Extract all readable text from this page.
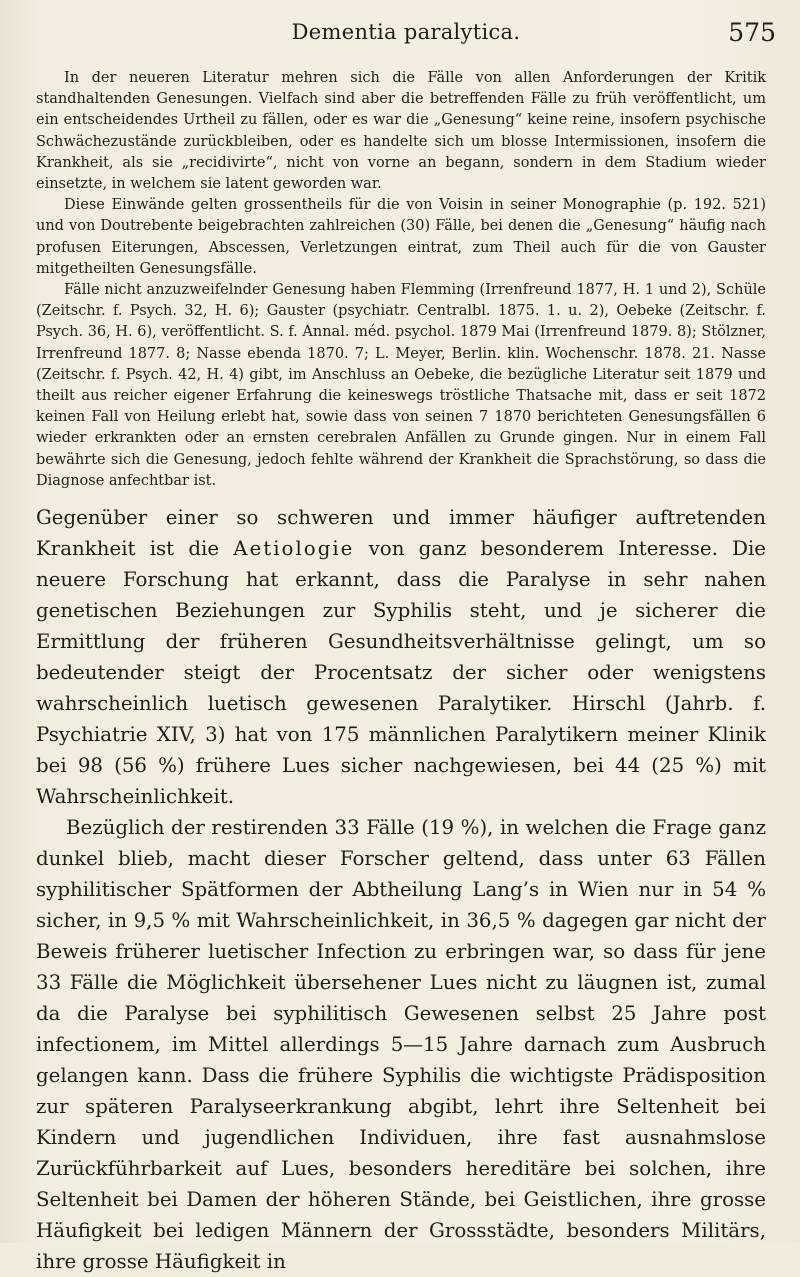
Dementia paralytica.	575

In der neueren Literatur mehren sich die Fälle von allen Anforderungen der Kritik standhaltenden Genesungen. Vielfach sind aber die betreffenden Fälle zu früh veröffentlicht, um ein entscheidendes Urtheil zu fällen, oder es war die „Genesung“ keine reine, insofern psychische Schwächezustände zurückbleiben, oder es handelte sich um blosse Intermissionen, insofern die Krankheit, als sie „recidivirte“, nicht von vorne an begann, sondern in dem Stadium wieder einsetzte, in welchem sie latent geworden war.

Diese Einwände gelten grossentheils für die von Voisin in seiner Monographie (p. 192. 521) und von Doutrebente beigebrachten zahlreichen (30) Fälle, bei denen die „Genesung“ häufig nach profusen Eiterungen, Abscessen, Verletzungen eintrat, zum Theil auch für die von Gauster mitgetheilten Genesungsfälle.

Fälle nicht anzuzweifelnder Genesung haben Flemming (Irrenfreund 1877, H. 1 und 2), Schüle (Zeitschr. f. Psych. 32, H. 6); Gauster (psychiatr. Centralbl. 1875. 1. u. 2), Oebeke (Zeitschr. f. Psych. 36, H. 6), veröffentlicht. S. f. Annal. méd. psychol. 1879 Mai (Irrenfreund 1879. 8); Stölzner, Irrenfreund 1877. 8; Nasse ebenda 1870. 7; L. Meyer, Berlin. klin. Wochenschr. 1878. 21. Nasse (Zeitschr. f. Psych. 42, H. 4) gibt, im Anschluss an Oebeke, die bezügliche Literatur seit 1879 und theilt aus reicher eigener Erfahrung die keineswegs tröstliche Thatsache mit, dass er seit 1872 keinen Fall von Heilung erlebt hat, sowie dass von seinen 7 1870 berichteten Genesungsfällen 6 wieder erkrankten oder an ernsten cerebralen Anfällen zu Grunde gingen. Nur in einem Fall bewährte sich die Genesung, jedoch fehlte während der Krankheit die Sprachstörung, so dass die Diagnose anfechtbar ist.

Gegenüber einer so schweren und immer häufiger auftretenden Krankheit ist die Aetiologie von ganz besonderem Interesse. Die neuere Forschung hat erkannt, dass die Paralyse in sehr nahen genetischen Beziehungen zur Syphilis steht, und je sicherer die Ermittlung der früheren Gesundheitsverhältnisse gelingt, um so bedeutender steigt der Procentsatz der sicher oder wenigstens wahrscheinlich luetisch gewesenen Paralytiker. Hirschl (Jahrb. f. Psychiatrie XIV, 3) hat von 175 männlichen Paralytikern meiner Klinik bei 98 (56 %) frühere Lues sicher nachgewiesen, bei 44 (25 %) mit Wahrscheinlichkeit.

Bezüglich der restirenden 33 Fälle (19 %), in welchen die Frage ganz dunkel blieb, macht dieser Forscher geltend, dass unter 63 Fällen syphilitischer Spätformen der Abtheilung Lang’s in Wien nur in 54 % sicher, in 9,5 % mit Wahrscheinlichkeit, in 36,5 % dagegen gar nicht der Beweis früherer luetischer Infection zu erbringen war, so dass für jene 33 Fälle die Möglichkeit übersehener Lues nicht zu läugnen ist, zumal da die Paralyse bei syphilitisch Gewesenen selbst 25 Jahre post infectionem, im Mittel allerdings 5—15 Jahre darnach zum Ausbruch gelangen kann. Dass die frühere Syphilis die wichtigste Prädisposition zur späteren Paralyseerkrankung abgibt, lehrt ihre Seltenheit bei Kindern und jugendlichen Individuen, ihre fast ausnahmslose Zurückführbarkeit auf Lues, besonders hereditäre bei solchen, ihre Seltenheit bei Damen der höheren Stände, bei Geistlichen, ihre grosse Häufigkeit bei ledigen Männern der Grossstädte, besonders Militärs, ihre grosse Häufigkeit in
